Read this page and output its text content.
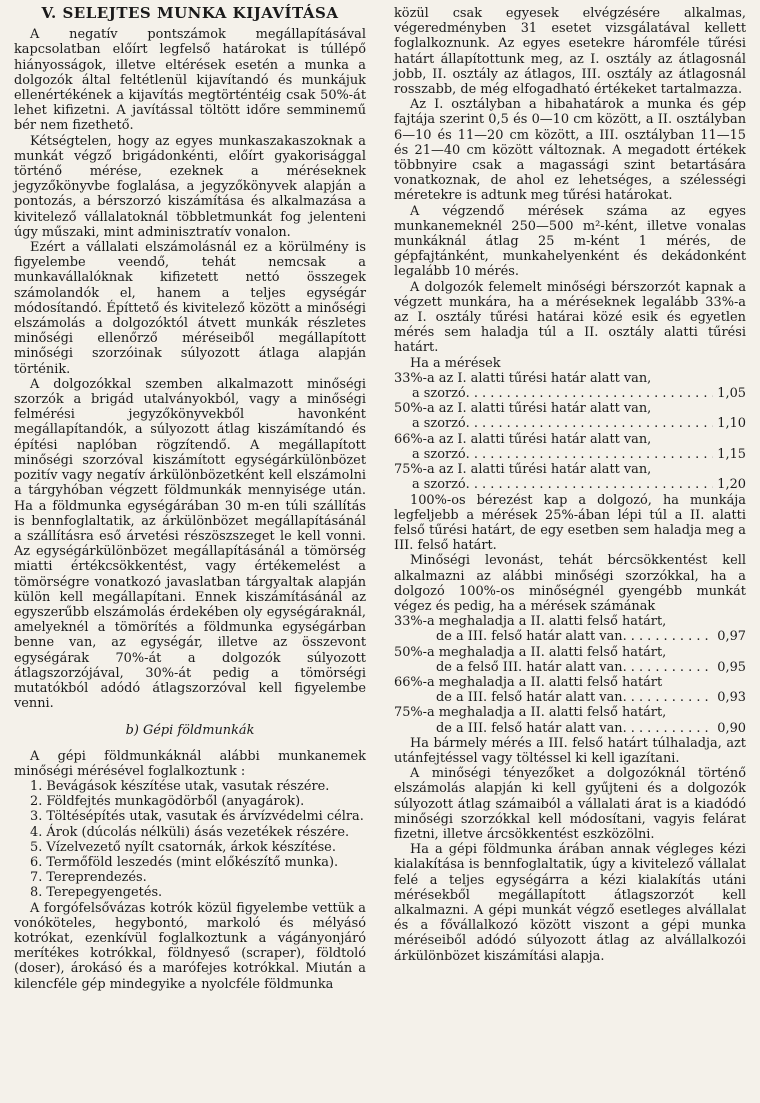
V. SELEJTES MUNKA KIJAVÍTÁSA

A negatív pontszámok megállapításával kapcsolatban előírt legfelső határokat is túllépő hiányosságok, illetve eltérések esetén a munka a dolgozók által feltétlenül kijavítandó és munkájuk ellenértékének a kijavítás megtörténtéig csak 50%-át lehet kifizetni. A javítással töltött időre semminemű bér nem fizethető.

Kétségtelen, hogy az egyes munkaszakaszoknak a munkát végző brigádonkénti, előírt gyakorisággal történő mérése, ezeknek a méréseknek jegyzőkönyvbe foglalása, a jegyzőkönyvek alapján a pontozás, a bérszorzó kiszámítása és alkalmazása a kivitelező vállalatoknál többletmunkát fog jelenteni úgy műszaki, mint adminisztratív vonalon.

Ezért a vállalati elszámolásnál ez a körülmény is figyelembe veendő, tehát nemcsak a munkavállalóknak kifizetett nettó összegek számolandók el, hanem a teljes egységár módosítandó. Építtető és kivitelező között a minőségi elszámolás a dolgozóktól átvett munkák részletes minőségi ellenőrző méréseiből megállapított minőségi szorzóinak súlyozott átlaga alapján történik.

A dolgozókkal szemben alkalmazott minőségi szorzók a brigád utalványokból, vagy a minőségi felmérési jegyzőkönyvekből havonként megállapítandók, a súlyozott átlag kiszámítandó és építési naplóban rögzítendő. A megállapított minőségi szorzóval kiszámított egységárkülönbözet pozitív vagy negatív árkülönbözetként kell elszámolni a tárgyhóban végzett földmunkák mennyisége után. Ha a földmunka egységárában 30 m-en túli szállítás is bennfoglaltatik, az árkülönbözet megállapításánál a szállításra eső árvetési részöszszeget le kell vonni. Az egységárkülönbözet megállapításánál a tömörség miatti értékcsökkentést, vagy értékemelést a tömörségre vonatkozó javaslatban tárgyaltak alapján külön kell megállapítani. Ennek kiszámításánál az egyszerűbb elszámolás érdekében oly egységáraknál, amelyeknél a tömörítés a földmunka egységárban benne van, az egységár, illetve az összevont egységárak 70%-át a dolgozók súlyozott átlagszorzójával, 30%-át pedig a tömörségi mutatókból adódó átlagszorzóval kell figyelembe venni.

b) Gépi földmunkák

A gépi földmunkáknál alábbi munkanemek minőségi mérésével foglalkoztunk :

1. Bevágások készítése utak, vasutak részére.
2. Földfejtés munkagödörből (anyagárok).
3. Töltésépítés utak, vasutak és árvízvédelmi célra.
4. Árok (dúcolás nélküli) ásás vezetékek részére.
5. Vízelvezető nyílt csatornák, árkok készítése.
6. Termőföld leszedés (mint előkészítő munka).
7. Tereprendezés.
8. Terepegyengetés.

A forgófelsővázas kotrók közül figyelembe vettük a vonóköteles, hegybontó, markoló és mélyásó kotrókat, ezenkívül foglalkoztunk a vágányonjáró merítékes kotrókkal, földnyeső (scraper), földtoló (doser), árokásó és a marófejes kotrókkal. Miután a kilencféle gép mindegyike a nyolcféle földmunka

közül csak egyesek elvégzésére alkalmas, végeredményben 31 esetet vizsgálatával kellett foglalkoznunk. Az egyes esetekre háromféle tűrési határt állapítottunk meg, az I. osztály az átlagosnál jobb, II. osztály az átlagos, III. osztály az átlagosnál rosszabb, de még elfogadható értékeket tartalmazza.

Az I. osztályban a hibahatárok a munka és gép fajtája szerint 0,5 és 0—10 cm között, a II. osztályban 6—10 és 11—20 cm között, a III. osztályban 11—15 és 21—40 cm között változnak. A megadott értékek többnyire csak a magassági szint betartására vonatkoznak, de ahol ez lehetséges, a szélességi méretekre is adtunk meg tűrési határokat.

A végzendő mérések száma az egyes munkanemeknél 250—500 m²-ként, illetve vonalas munkáknál átlag 25 m-ként 1 mérés, de gépfajtánként, munkahelyenként és dekádonként legalább 10 mérés.

A dolgozók felemelt minőségi bérszorzót kapnak a végzett munkára, ha a méréseknek legalább 33%-a az I. osztály tűrési határai közé esik és egyetlen mérés sem haladja túl a II. osztály alatti tűrési határt.

Ha a mérések

33%-a az I. alatti tűrési határ alatt van,
a szorzó . . .	1,05
50%-a az I. alatti tűrési határ alatt van,
a szorzó . . .	1,10
66%-a az I. alatti tűrési határ alatt van,
a szorzó . . .	1,15
75%-a az I. alatti tűrési határ alatt van,
a szorzó . . .	1,20

100%-os bérezést kap a dolgozó, ha munkája legfeljebb a mérések 25%-ában lépi túl a II. alatti felső tűrési határt, de egy esetben sem haladja meg a III. felső határt.

Minőségi levonást, tehát bércsökkentést kell alkalmazni az alábbi minőségi szorzókkal, ha a dolgozó 100%-os minőségnél gyengébb munkát végez és pedig, ha a mérések számának

33%-a meghaladja a II. alatti felső határt,
de a III. felső határ alatt van . . .	0,97
50%-a meghaladja a II. alatti felső határt,
de a felső III. határ alatt van . . .	0,95
66%-a meghaladja a II. alatti felső határt
de a III. felső határ alatt van . . .	0,93
75%-a meghaladja a II. alatti felső határt,
de a III. felső határ alatt van . . .	0,90

Ha bármely mérés a III. felső határt túlhaladja, azt utánfejtéssel vagy töltéssel ki kell igazítani.

A minőségi tényezőket a dolgozóknál történő elszámolás alapján ki kell gyűjteni és a dolgozók súlyozott átlag számaiból a vállalati árat is a kiadódó minőségi szorzókkal kell módosítani, vagyis felárat fizetni, illetve árcsökkentést eszközölni.

Ha a gépi földmunka árában annak végleges kézi kialakítása is bennfoglaltatik, úgy a kivitelező vállalat felé a teljes egységárra a kézi kialakítás utáni mérésekből megállapított átlagszorzót kell alkalmazni. A gépi munkát végző esetleges alvállalat és a fővállalkozó között viszont a gépi munka méréseiből adódó súlyozott átlag az alvállalkozói árkülönbözet kiszámítási alapja.
